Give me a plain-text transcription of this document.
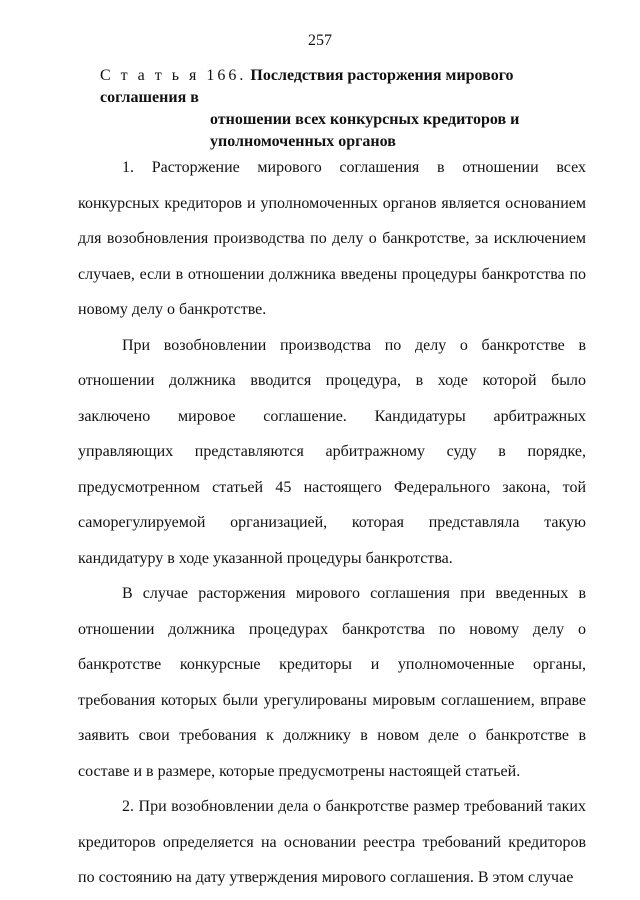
257
С т а т ь я 166. Последствия расторжения мирового соглашения в
отношении всех конкурсных кредиторов и
уполномоченных органов

1. Расторжение мирового соглашения в отношении всех конкурсных кредиторов и уполномоченных органов является основанием для возобновления производства по делу о банкротстве, за исключением случаев, если в отношении должника введены процедуры банкротства по новому делу о банкротстве.

При возобновлении производства по делу о банкротстве в отношении должника вводится процедура, в ходе которой было заключено мировое соглашение. Кандидатуры арбитражных управляющих представляются арбитражному суду в порядке, предусмотренном статьей 45 настоящего Федерального закона, той саморегулируемой организацией, которая представляла такую кандидатуру в ходе указанной процедуры банкротства.

В случае расторжения мирового соглашения при введенных в отношении должника процедурах банкротства по новому делу о банкротстве конкурсные кредиторы и уполномоченные органы, требования которых были урегулированы мировым соглашением, вправе заявить свои требования к должнику в новом деле о банкротстве в составе и в размере, которые предусмотрены настоящей статьей.

2. При возобновлении дела о банкротстве размер требований таких кредиторов определяется на основании реестра требований кредиторов по состоянию на дату утверждения мирового соглашения. В этом случае
